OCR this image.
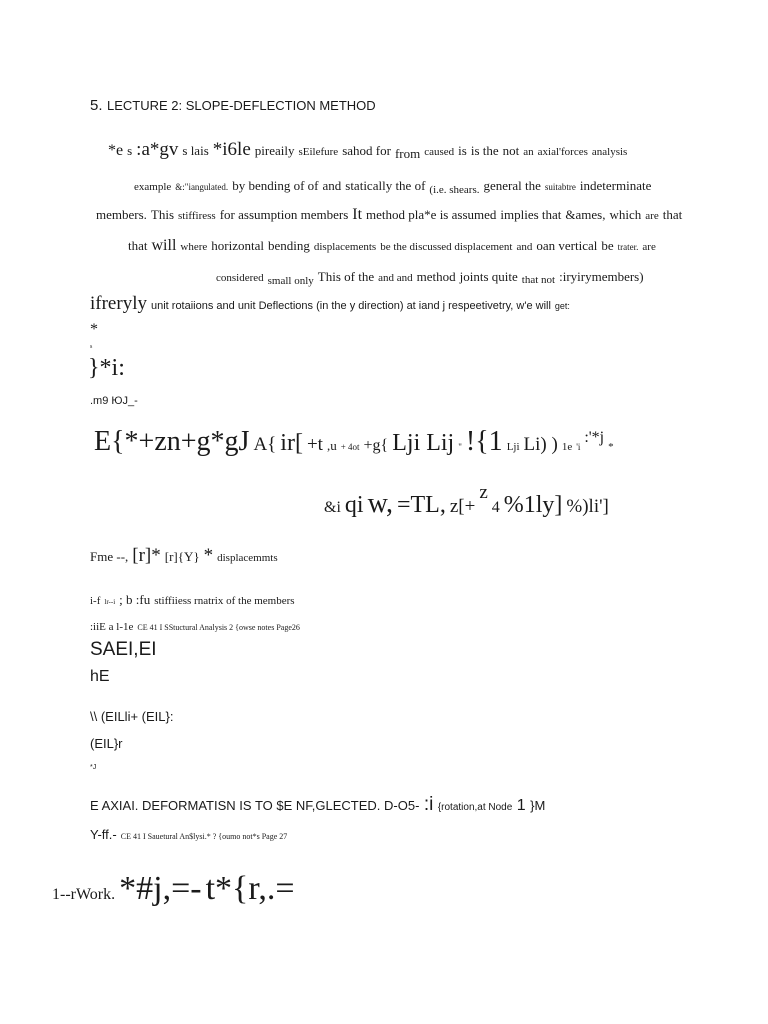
5. LECTURE 2: SLOPE-DEFLECTION METHOD
*e s :a*gv s lais *i6le pireaily sEilefure sahod for from caused is is the not an axial'forces analysis
example &:"iangulated. by bending of of and statically the of (i.e. shears. general the suitabtre indeterminate
members. This stiffiress for assumption members It method pla*e is assumed implies that &ames, which are that
that will where horizontal bending displacements be the discussed displacement and oan vertical be trater. are
considered small only This of the and and method joints quite that not :iryirymembers)
ifreryly unit rotaiions and unit Deflections (in the y direction) at iand j respeetivetry, w'e will get:
*
s
}*i:
.m9 ЮJ_-
E{*+zn+g*gJ A{ ir[ +t ,u + 4ot +g{ Lji Lij " !{1 Lji Li) ) 1e 'i :'*j *
&i qi w, =TL, z[+ z 4 %1ly] %)li']
Fme --, [r]* [r]{Y} * displacemmts
i-f lr--i ; b :fu stiffiiess rnatrix of the members
:iiE a l-1e CE 41 I SStuctural Analysis 2 {owse notes Page26
SAEI,EI
hE
\\ (EILli+ (EIL}:
(EIL}r
*J
E AXIAI. DEFORMATISN IS TO $E NF,GLECTED. D-O5- :i {rotation,at Node 1 }M
Y-ff.- CE 41 I Sauetural An$lysi.* ? {oumo not*s Page 27
1--rWork. *#j,=- t*{r,.=
